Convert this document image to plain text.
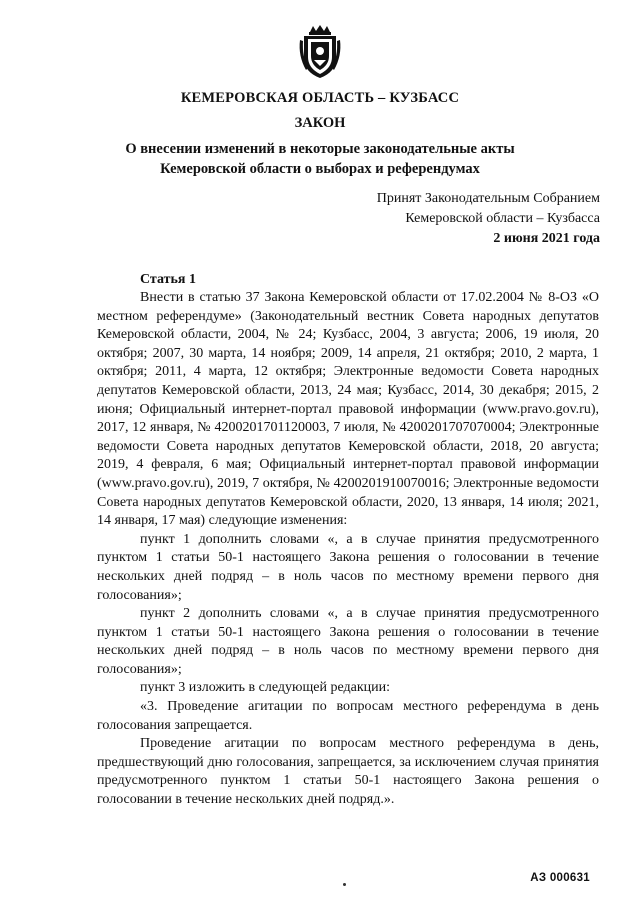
КЕМЕРОВСКАЯ ОБЛАСТЬ – КУЗБАСС
ЗАКОН
О внесении изменений в некоторые законодательные акты
Кемеровской области о выборах и референдумах
Принят Законодательным Собранием
Кемеровской области – Кузбасса
2 июня 2021 года
Статья 1

Внести в статью 37 Закона Кемеровской области от 17.02.2004 № 8-ОЗ «О местном референдуме» (Законодательный вестник Совета народных депутатов Кемеровской области, 2004, № 24; Кузбасс, 2004, 3 августа; 2006, 19 июля, 20 октября; 2007, 30 марта, 14 ноября; 2009, 14 апреля, 21 октября; 2010, 2 марта, 1 октября; 2011, 4 марта, 12 октября; Электронные ведомости Совета народных депутатов Кемеровской области, 2013, 24 мая; Кузбасс, 2014, 30 декабря; 2015, 2 июня; Официальный интернет-портал правовой информации (www.pravo.gov.ru), 2017, 12 января, № 4200201701120003, 7 июля, № 4200201707070004; Электронные ведомости Совета народных депутатов Кемеровской области, 2018, 20 августа; 2019, 4 февраля, 6 мая; Официальный интернет-портал правовой информации (www.pravo.gov.ru), 2019, 7 октября, № 4200201910070016; Электронные ведомости Совета народных депутатов Кемеровской области, 2020, 13 января, 14 июля; 2021, 14 января, 17 мая) следующие изменения:

пункт 1 дополнить словами «, а в случае принятия предусмотренного пунктом 1 статьи 50-1 настоящего Закона решения о голосовании в течение нескольких дней подряд – в ноль часов по местному времени первого дня голосования»;

пункт 2 дополнить словами «, а в случае принятия предусмотренного пунктом 1 статьи 50-1 настоящего Закона решения о голосовании в течение нескольких дней подряд – в ноль часов по местному времени первого дня голосования»;

пункт 3 изложить в следующей редакции:

«3. Проведение агитации по вопросам местного референдума в день голосования запрещается.

Проведение агитации по вопросам местного референдума в день, предшествующий дню голосования, запрещается, за исключением случая принятия предусмотренного пунктом 1 статьи 50-1 настоящего Закона решения о голосовании в течение нескольких дней подряд.».

АЗ 000631
